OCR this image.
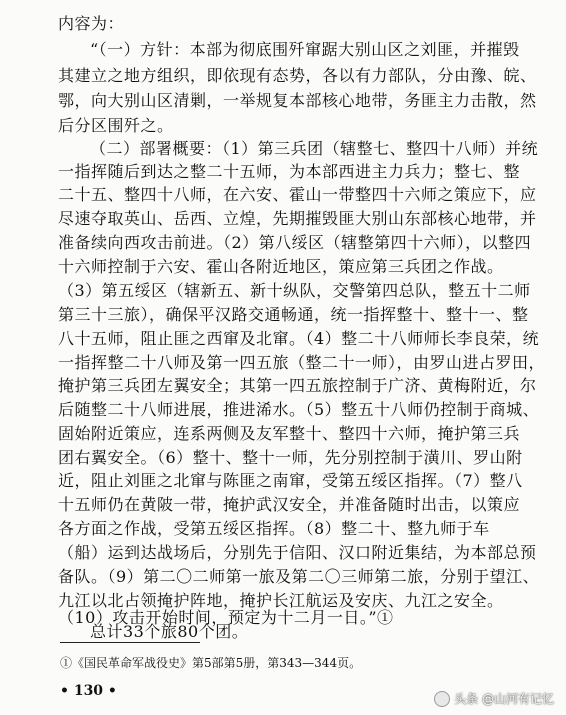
内容为：
“（一）方针：本部为彻底围歼窜踞大别山区之刘匪，并摧毁
其建立之地方组织，即依现有态势，各以有力部队，分由豫、皖、
鄂，向大别山区清剿，一举规复本部核心地带，务匪主力击散，然
后分区围歼之。
（二）部署概要：（1）第三兵团（辖整七、整四十八师）并统
一指挥随后到达之整二十五师，为本部西进主力兵力；整七、整
二十五、整四十八师，在六安、霍山一带整四十六师之策应下，应
尽速夺取英山、岳西、立煌，先期摧毁匪大别山东部核心地带，并
准备续向西攻击前进。（2）第八绥区（辖整第四十六师），以整四
十六师控制于六安、霍山各附近地区，策应第三兵团之作战。
（3）第五绥区（辖新五、新十纵队，交警第四总队，整五十二师
第三十三旅），确保平汉路交通畅通，统一指挥整十、整十一、整
八十五师，阻止匪之西窜及北窜。（4）整二十八师师长李良荣，统
一指挥整二十八师及第一四五旅（整二十一师），由罗山进占罗田，
掩护第三兵团左翼安全；其第一四五旅控制于广济、黄梅附近，尔
后随整二十八师进展，推进浠水。（5）整五十八师仍控制于商城、
固始附近策应，连系两侧及友军整十、整四十六师，掩护第三兵
团右翼安全。（6）整十、整十一师，先分别控制于潢川、罗山附
近，阻止刘匪之北窜与陈匪之南窜，受第五绥区指挥。（7）整八
十五师仍在黄陂一带，掩护武汉安全，并准备随时出击，以策应
各方面之作战，受第五绥区指挥。（8）整二十、整九师于车
（船）运到达战场后，分别先于信阳、汉口附近集结，为本部总预
备队。（9）第二〇二师第一旅及第二〇三师第二旅，分别于望江、
九江以北占领掩护阵地，掩护长江航运及安庆、九江之安全。
（10）攻击开始时间，预定为十二月一日。”①
总计33个旅80个团。
①《国民革命军战役史》第5部第5册，第343—344页。
• 130 •	头条 @山河有记忆
